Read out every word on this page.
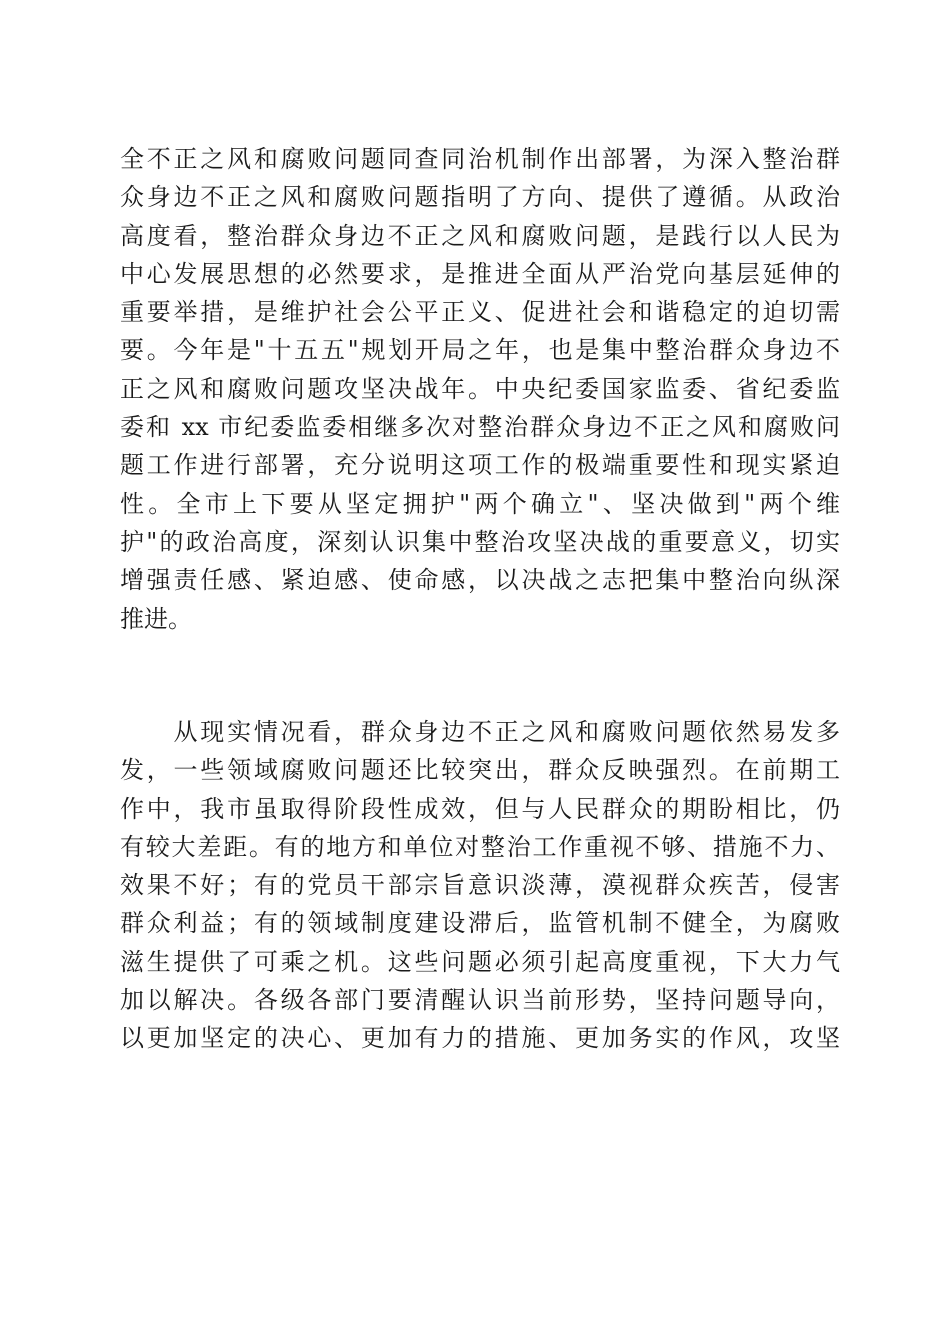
全不正之风和腐败问题同查同治机制作出部署，为深入整治群
众身边不正之风和腐败问题指明了方向、提供了遵循。从政治
高度看，整治群众身边不正之风和腐败问题，是践行以人民为
中心发展思想的必然要求，是推进全面从严治党向基层延伸的
重要举措，是维护社会公平正义、促进社会和谐稳定的迫切需
要。今年是"十五五"规划开局之年，也是集中整治群众身边不
正之风和腐败问题攻坚决战年。中央纪委国家监委、省纪委监
委和 xx 市纪委监委相继多次对整治群众身边不正之风和腐败问
题工作进行部署，充分说明这项工作的极端重要性和现实紧迫
性。全市上下要从坚定拥护"两个确立"、坚决做到"两个维
护"的政治高度，深刻认识集中整治攻坚决战的重要意义，切实
增强责任感、紧迫感、使命感，以决战之志把集中整治向纵深
推进。
　　从现实情况看，群众身边不正之风和腐败问题依然易发多
发，一些领域腐败问题还比较突出，群众反映强烈。在前期工
作中，我市虽取得阶段性成效，但与人民群众的期盼相比，仍
有较大差距。有的地方和单位对整治工作重视不够、措施不力、
效果不好；有的党员干部宗旨意识淡薄，漠视群众疾苦，侵害
群众利益；有的领域制度建设滞后，监管机制不健全，为腐败
滋生提供了可乘之机。这些问题必须引起高度重视，下大力气
加以解决。各级各部门要清醒认识当前形势，坚持问题导向，
以更加坚定的决心、更加有力的措施、更加务实的作风，攻坚
